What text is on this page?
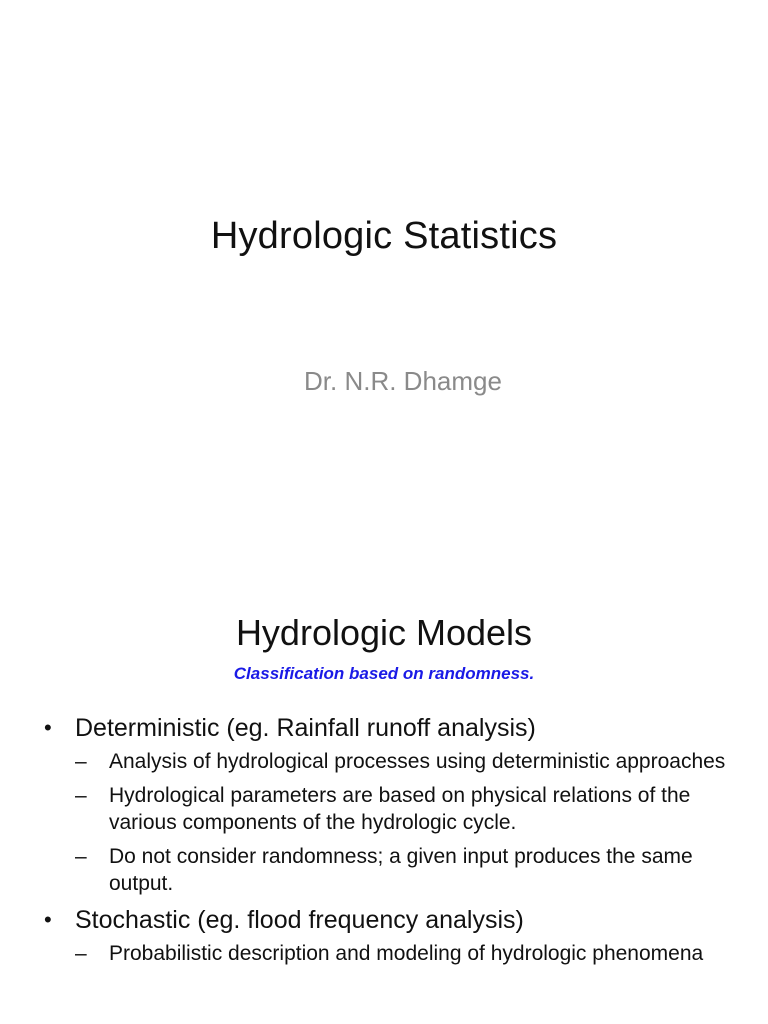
Hydrologic Statistics
Dr. N.R. Dhamge
Hydrologic Models
Classification based on randomness.
• Deterministic (eg. Rainfall runoff analysis)
– Analysis of hydrological processes using deterministic approaches
– Hydrological parameters are based on physical relations of the various components of the hydrologic cycle.
– Do not consider randomness; a given input produces the same output.
• Stochastic (eg. flood frequency analysis)
– Probabilistic description and modeling of hydrologic phenomena
